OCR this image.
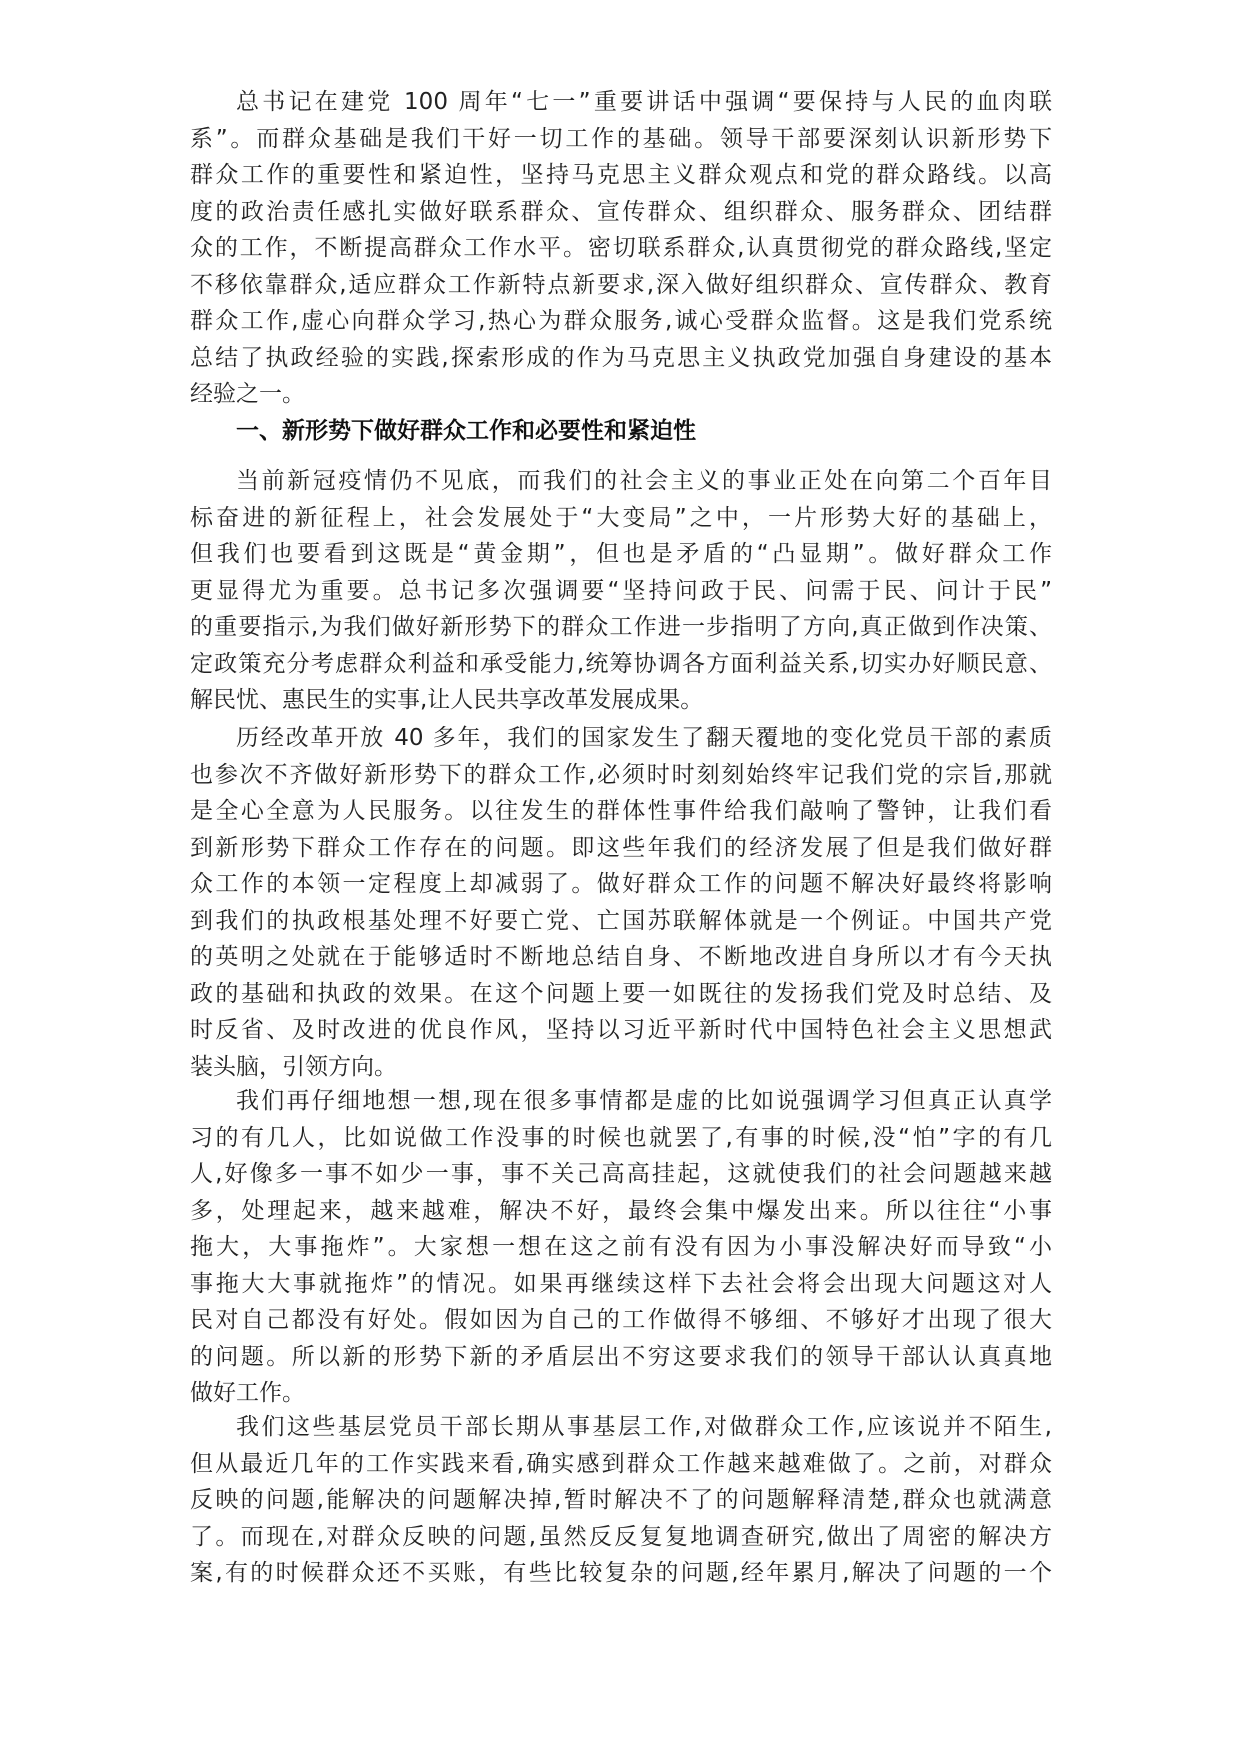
总书记在建党 100 周年“七一”重要讲话中强调“要保持与人民的血肉联
系”。而群众基础是我们干好一切工作的基础。领导干部要深刻认识新形势下
群众工作的重要性和紧迫性，坚持马克思主义群众观点和党的群众路线。以高
度的政治责任感扎实做好联系群众、宣传群众、组织群众、服务群众、团结群
众的工作，不断提高群众工作水平。密切联系群众,认真贯彻党的群众路线,坚定
不移依靠群众,适应群众工作新特点新要求,深入做好组织群众、宣传群众、教育
群众工作,虚心向群众学习,热心为群众服务,诚心受群众监督。这是我们党系统
总结了执政经验的实践,探索形成的作为马克思主义执政党加强自身建设的基本
经验之一。
一、新形势下做好群众工作和必要性和紧迫性
当前新冠疫情仍不见底，而我们的社会主义的事业正处在向第二个百年目
标奋进的新征程上，社会发展处于“大变局”之中，一片形势大好的基础上，
但我们也要看到这既是“黄金期”，但也是矛盾的“凸显期”。做好群众工作
更显得尤为重要。总书记多次强调要“坚持问政于民、问需于民、问计于民”
的重要指示,为我们做好新形势下的群众工作进一步指明了方向,真正做到作决策、
定政策充分考虑群众利益和承受能力,统筹协调各方面利益关系,切实办好顺民意、
解民忧、惠民生的实事,让人民共享改革发展成果。
历经改革开放 40 多年，我们的国家发生了翻天覆地的变化党员干部的素质
也参次不齐做好新形势下的群众工作,必须时时刻刻始终牢记我们党的宗旨,那就
是全心全意为人民服务。以往发生的群体性事件给我们敲响了警钟，让我们看
到新形势下群众工作存在的问题。即这些年我们的经济发展了但是我们做好群
众工作的本领一定程度上却减弱了。做好群众工作的问题不解决好最终将影响
到我们的执政根基处理不好要亡党、亡国苏联解体就是一个例证。中国共产党
的英明之处就在于能够适时不断地总结自身、不断地改进自身所以才有今天执
政的基础和执政的效果。在这个问题上要一如既往的发扬我们党及时总结、及
时反省、及时改进的优良作风，坚持以习近平新时代中国特色社会主义思想武
装头脑，引领方向。
我们再仔细地想一想,现在很多事情都是虚的比如说强调学习但真正认真学
习的有几人，比如说做工作没事的时候也就罢了,有事的时候,没“怕”字的有几
人,好像多一事不如少一事，事不关己高高挂起，这就使我们的社会问题越来越
多，处理起来，越来越难，解决不好，最终会集中爆发出来。所以往往“小事
拖大，大事拖炸”。大家想一想在这之前有没有因为小事没解决好而导致“小
事拖大大事就拖炸”的情况。如果再继续这样下去社会将会出现大问题这对人
民对自己都没有好处。假如因为自己的工作做得不够细、不够好才出现了很大
的问题。所以新的形势下新的矛盾层出不穷这要求我们的领导干部认认真真地
做好工作。
我们这些基层党员干部长期从事基层工作,对做群众工作,应该说并不陌生,
但从最近几年的工作实践来看,确实感到群众工作越来越难做了。之前，对群众
反映的问题,能解决的问题解决掉,暂时解决不了的问题解释清楚,群众也就满意
了。而现在,对群众反映的问题,虽然反反复复地调查研究,做出了周密的解决方
案,有的时候群众还不买账，有些比较复杂的问题,经年累月,解决了问题的一个
